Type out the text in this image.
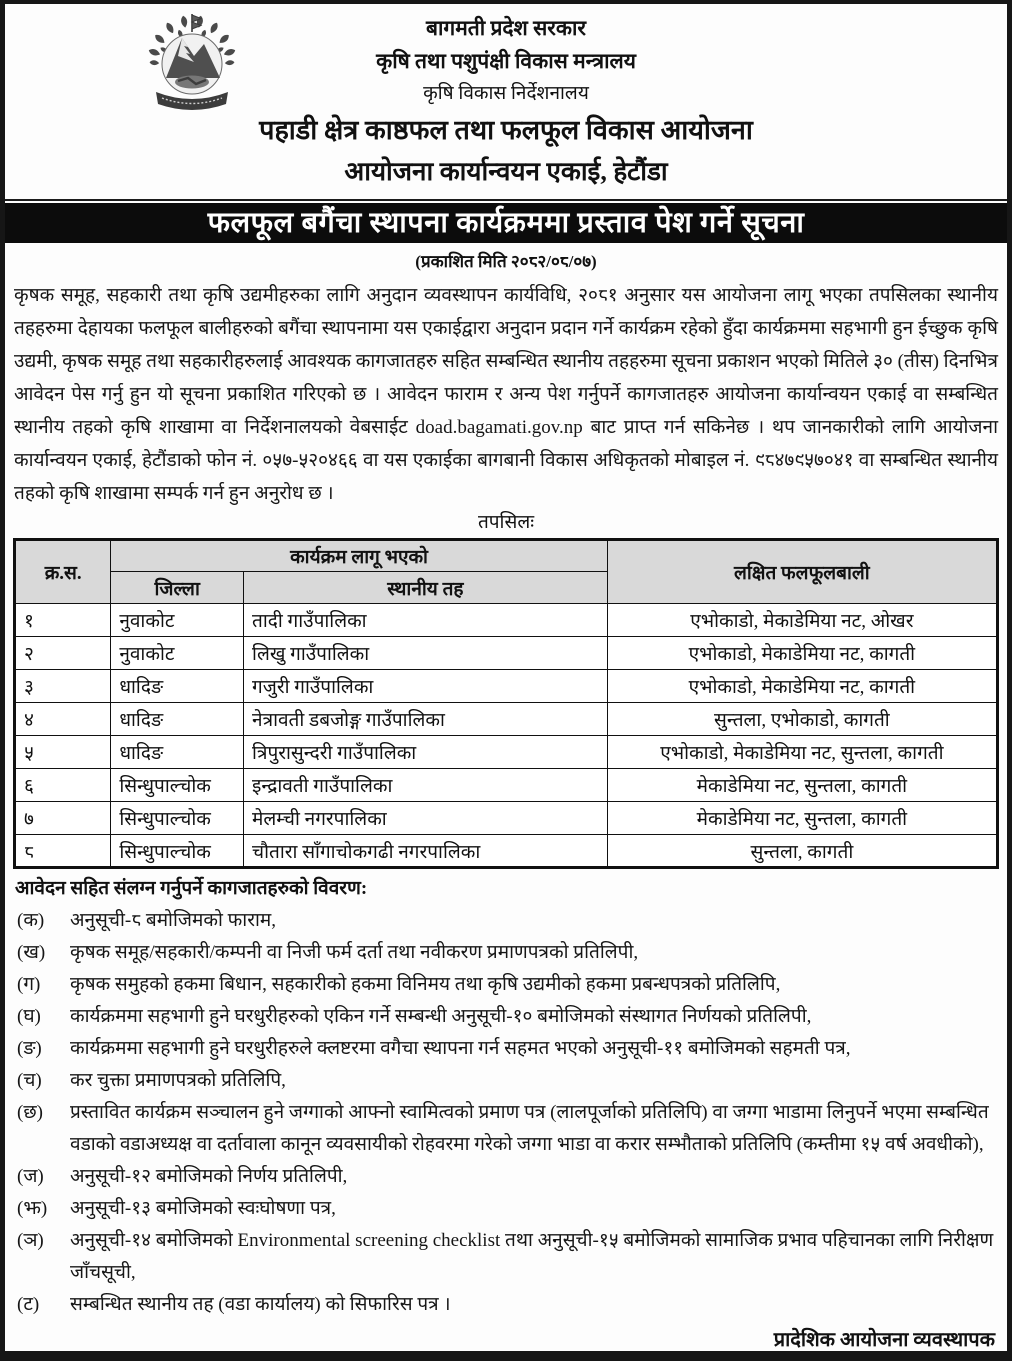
बागमती प्रदेश सरकार
कृषि तथा पशुपंक्षी विकास मन्त्रालय
कृषि विकास निर्देशनालय
पहाडी क्षेत्र काष्ठफल तथा फलफूल विकास आयोजना
आयोजना कार्यान्वयन एकाई, हेटौंडा
फलफूल बगैंचा स्थापना कार्यक्रममा प्रस्ताव पेश गर्ने सूचना
(प्रकाशित मिति २०८२/०८/०७)

कृषक समूह, सहकारी तथा कृषि उद्यमीहरुका लागि अनुदान व्यवस्थापन कार्यविधि, २०८१ अनुसार यस आयोजना लागू भएका तपसिलका स्थानीय तहहरुमा देहायका फलफूल बालीहरुको बगैंचा स्थापनामा यस एकाईद्वारा अनुदान प्रदान गर्ने कार्यक्रम रहेको हुँदा कार्यक्रममा सहभागी हुन ईच्छुक कृषि उद्यमी, कृषक समूह तथा सहकारीहरुलाई आवश्यक कागजातहरु सहित सम्बन्धित स्थानीय तहहरुमा सूचना प्रकाशन भएको मितिले ३० (तीस) दिनभित्र आवेदन पेस गर्नु हुन यो सूचना प्रकाशित गरिएको छ । आवेदन फाराम र अन्य पेश गर्नुपर्ने कागजातहरु आयोजना कार्यान्वयन एकाई वा सम्बन्धित स्थानीय तहको कृषि शाखामा वा निर्देशनालयको वेबसाईट doad.bagamati.gov.np बाट प्राप्त गर्न सकिनेछ । थप जानकारीको लागि आयोजना कार्यान्वयन एकाई, हेटौंडाको फोन नं. ०५७-५२०४६६ वा यस एकाईका बागबानी विकास अधिकृतको मोबाइल नं. ९८४७९५७०४१ वा सम्बन्धित स्थानीय तहको कृषि शाखामा सम्पर्क गर्न हुन अनुरोध छ ।

तपसिलः
क्र.स.	कार्यक्रम लागू भएको		लक्षित फलफूलबाली
	जिल्ला	स्थानीय तह	
१	नुवाकोट	तादी गाउँपालिका	एभोकाडो, मेकाडेमिया नट, ओखर
२	नुवाकोट	लिखु गाउँपालिका	एभोकाडो, मेकाडेमिया नट, कागती
३	धादिङ	गजुरी गाउँपालिका	एभोकाडो, मेकाडेमिया नट, कागती
४	धादिङ	नेत्रावती डबजोङ्ग गाउँपालिका	सुन्तला, एभोकाडो, कागती
५	धादिङ	त्रिपुरासुन्दरी गाउँपालिका	एभोकाडो, मेकाडेमिया नट, सुन्तला, कागती
६	सिन्धुपाल्चोक	इन्द्रावती गाउँपालिका	मेकाडेमिया नट, सुन्तला, कागती
७	सिन्धुपाल्चोक	मेलम्ची नगरपालिका	मेकाडेमिया नट, सुन्तला, कागती
८	सिन्धुपाल्चोक	चौतारा साँगाचोकगढी नगरपालिका	सुन्तला, कागती
आवेदन सहित संलग्न गर्नुपर्ने कागजातहरुको विवरण:
(क)	अनुसूची-८ बमोजिमको फाराम,
(ख)	कृषक समूह/सहकारी/कम्पनी वा निजी फर्म दर्ता तथा नवीकरण प्रमाणपत्रको प्रतिलिपी,
(ग)	कृषक समुहको हकमा बिधान, सहकारीको हकमा विनिमय तथा कृषि उद्यमीको हकमा प्रबन्धपत्रको प्रतिलिपि,
(घ)	कार्यक्रममा सहभागी हुने घरधुरीहरुको एकिन गर्ने सम्बन्धी अनुसूची-१० बमोजिमको संस्थागत निर्णयको प्रतिलिपी,
(ङ)	कार्यक्रममा सहभागी हुने घरधुरीहरुले क्लष्टरमा वगैचा स्थापना गर्न सहमत भएको अनुसूची-११ बमोजिमको सहमती पत्र,
(च)	कर चुक्ता प्रमाणपत्रको प्रतिलिपि,
(छ)	प्रस्तावित कार्यक्रम सञ्चालन हुने जग्गाको आफ्नो स्वामित्वको प्रमाण पत्र (लालपूर्जाको प्रतिलिपि) वा जग्गा भाडामा लिनुपर्ने भएमा सम्बन्धित वडाको वडाअध्यक्ष वा दर्तावाला कानून व्यवसायीको रोहवरमा गरेको जग्गा भाडा वा करार सम्भौताको प्रतिलिपि (कम्तीमा १५ वर्ष अवधीको),
(ज)	अनुसूची-१२ बमोजिमको निर्णय प्रतिलिपी,
(झ)	अनुसूची-१३ बमोजिमको स्वःघोषणा पत्र,
(ञ)	अनुसूची-१४ बमोजिमको Environmental screening checklist तथा अनुसूची-१५ बमोजिमको सामाजिक प्रभाव पहिचानका लागि निरीक्षण जाँचसूची,
(ट)	सम्बन्धित स्थानीय तह (वडा कार्यालय) को सिफारिस पत्र ।
प्रादेशिक आयोजना व्यवस्थापक
